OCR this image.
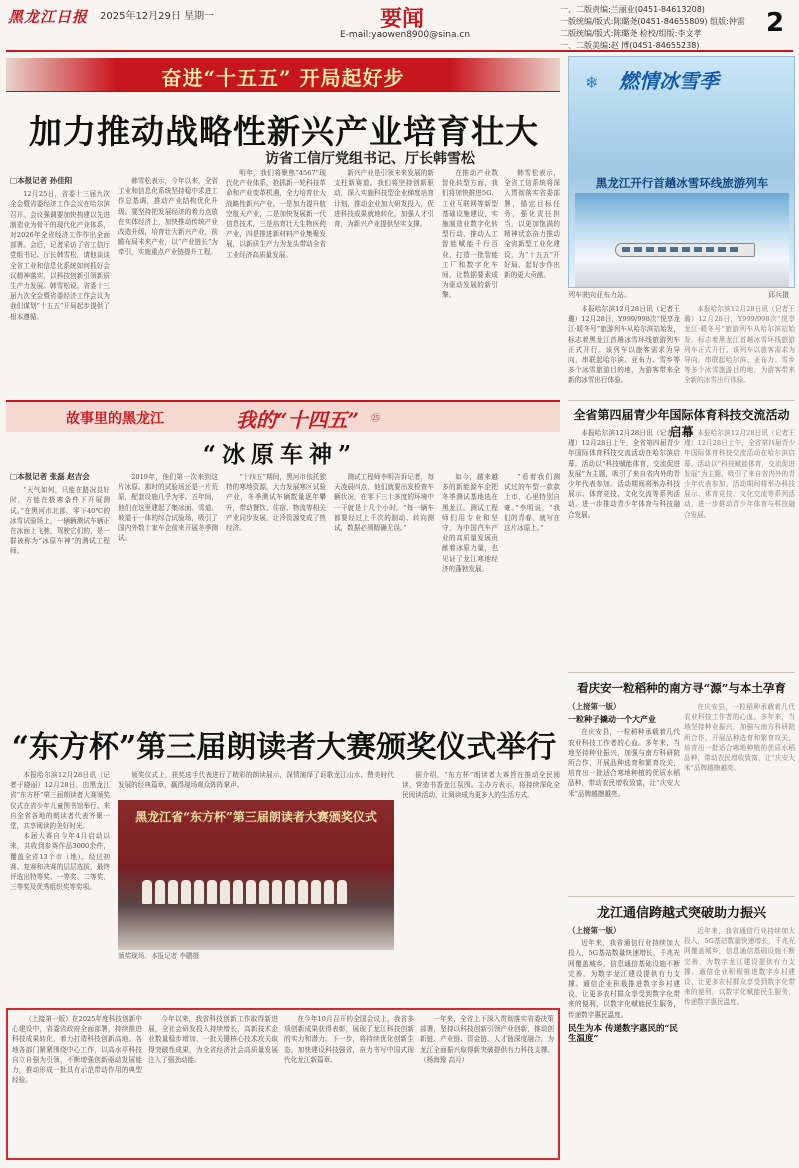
黑龙江日报 2025年12月29日 星期一	要闻
E-mail:yaowen8900@sina.cn
一、二版责编:兰丽业(0451-84613208)
一版统编/版式:陈璐尧(0451-84655809) 组版:钟雷
二版统编/版式:陈璐尧 检校/组版:李文孝
一、二版美编:赵 博(0451-84655238)
2
奋进“十五五” 开局起好步
加力推动战略性新兴产业培育壮大
访省工信厅党组书记、厅长韩雪松
□本报记者 孙佳阳
12月25日，省委十三届九次全会暨省委经济工作会议在哈尔滨召开。会议强调要加快构建以先进制造业为骨干的现代化产业体系，对2026年全省经济工作作出全面部署。会后，记者采访了省工信厅党组书记、厅长韩雪松，请他谈谈全省工业和信息化系统如何抓好会议精神落实，以科技创新引领新质生产力发展。韩雪松说，省委十三届九次全会暨省委经济工作会议为我们谋划“十五五”开局起步提供了根本遵循。
韩雪松表示，今年以来，全省工业和信息化系统坚持稳中求进工作总基调，推动产业结构优化升级。要坚持把发展经济的着力点放在实体经济上，加快推动传统产业改造升级，培育壮大新兴产业，前瞻布局未来产业，以“产业链长”为牵引，实施重点产业链提升工程。
明年，我们将聚焦“4567”现代化产业体系，抢抓新一轮科技革命和产业变革机遇，全力培育壮大战略性新兴产业。一是加力提升航空航天产业，二是加快发展新一代信息技术，三是培育壮大生物医药产业，四是推进新材料产业集聚发展，以新质生产力为龙头带动全省工业经济高质量发展。
新兴产业是引领未来发展的新支柱新赛道。我们将坚持创新驱动，深入实施科技型企业梯度培育计划，推动企业加大研发投入，促进科技成果就地转化，加强人才引育，为新兴产业提供坚实支撑。
在推动产业数智化转型方面，我们将加快推进5G、工业互联网等新型基础设施建设，实施制造业数字化转型行动，推动人工智能赋能千行百业，打造一批智能工厂和数字化车间，让数据要素成为驱动发展的新引擎。
韩雪松表示，全省工信系统将深入贯彻落实省委部署，锚定目标任务，强化责任担当，以更加饱满的精神状态奋力推动全省新型工业化建设，为“十五五”开好局、起好步作出新的更大贡献。
故事里的黑龙江	我的“十四五” ㉕
“冰原车神”
□本报记者 张磊 赵吉会
“天气如何，只能在路况良好时，方能在极寒条件下开展测试。”在黑河市北部，零下40℃的冰雪试验场上，一辆辆测试车辆正在冰面上飞驰，驾驶它们的，是一群被称为“冰原车神”的测试工程师。
2019年，他们第一次来到这片冰原。那时的试验场还是一片荒原，配套设施几乎为零。五年间，他们在这里建起了集冰面、雪道、坡道于一体的综合试验场，吸引了国内外数十家车企前来开展冬季测试。
“十四五”期间，黑河市依托独特的寒地资源，大力发展寒区试验产业，冬季测试车辆数量逐年攀升，带动餐饮、住宿、物流等相关产业同步发展，让冷资源变成了热经济。
测试工程师李明告诉记者，每天凌晨四点，他们就要出发检查车辆状况，在零下三十多度的环境中一干就是十几个小时。“每一辆车都要经过上千次的制动、转向测试，数据必须精确无误。”
如今，越来越多的新能源车企把冬季测试基地选在黑龙江。测试工程师们用专业和坚守，为中国汽车产业的高质量发展贡献着冰原力量，也见证了龙江寒地经济的蓬勃发展。
“看着我们测试过的车型一款款上市，心里特别自豪。”李明说，“我们的青春，就写在这片冰原上。”
“东方杯”第三届朗读者大赛颁奖仪式举行
本报哈尔滨12月28日讯（记者于晓丽）12月28日，由黑龙江省“东方杯”第三届朗读者大赛颁奖仪式在省少年儿童图书馆举行。来自全省各地的朗读者代表齐聚一堂，共享阅读的美好时光。
本届大赛自今年4月启动以来，共收到参赛作品3000余件，覆盖全省13个市（地）。经过初赛、复赛和决赛的层层选拔，最终评选出特等奖、一等奖、二等奖、三等奖及优秀组织奖等奖项。
颁奖仪式上，获奖选手代表进行了精彩的朗读展示，深情演绎了讴歌龙江山水、赞美时代发展的经典篇章，赢得现场观众阵阵掌声。
黑龙江省“东方杯”第三届朗读者大赛颁奖仪式
颁奖现场。本报记者 李鹏摄
据介绍，“东方杯”朗读者大赛旨在推动全民阅读，营造书香龙江氛围。主办方表示，将持续深化全民阅读活动，让阅读成为更多人的生活方式。
（上接第一版）在2025年度科技创新中心建设中，省委省政府全面部署，持续推进科技成果转化，着力打造科技创新高地。各地各部门紧紧围绕中心工作，以高水平科技自立自强为引领，不断增强创新驱动发展能力，推动形成一批具有示范带动作用的典型经验。
今年以来，我省科技创新工作取得新进展，全社会研发投入持续增长，高新技术企业数量稳步增加，一批关键核心技术攻关取得突破性成果，为全省经济社会高质量发展注入了强劲动能。
在今年10月召开的全国会议上，我省多项创新成果获得表彰，展现了龙江科技创新的实力和潜力。下一步，将持续优化创新生态，加快建设科技强省，奋力书写中国式现代化龙江新篇章。
一年来，全省上下深入贯彻落实省委决策部署，坚持以科技创新引领产业创新，推动创新链、产业链、资金链、人才链深度融合，为龙江全面振兴取得新突破提供有力科技支撑。（杨海豫 高月）
❄ 燃情冰雪季
黑龙江开行首趟冰雪环线旅游列车
列车驶向亚布力站。	邱兵摄
本报哈尔滨12月28日讯（记者王璐）12月28日，Y999/998次“悦享龙江·暖冬号”旅游列车从哈尔滨站始发，标志着黑龙江首趟冰雪环线旅游列车正式开行。该列车以旅客需求为导向，串联起哈尔滨、亚布力、雪乡等多个冰雪旅游目的地，为游客带来全新的冰雪出行体验。
本报哈尔滨12月28日讯（记者王璐）12月28日，Y999/998次“悦享龙江·暖冬号”旅游列车从哈尔滨站始发，标志着黑龙江首趟冰雪环线旅游列车正式开行。该列车以旅客需求为导向，串联起哈尔滨、亚布力、雪乡等多个冰雪旅游目的地，为游客带来全新的冰雪出行体验。
全省第四届青少年国际体育科技交流活动启幕
本报哈尔滨12月28日讯（记者王瑾）12月28日上午，全省第四届青少年国际体育科技交流活动在哈尔滨启幕。活动以“科技赋能体育，交流促进发展”为主题，吸引了来自省内外的青少年代表参加。活动期间将举办科技展示、体育竞技、文化交流等系列活动，进一步推动青少年体育与科技融合发展。
本报哈尔滨12月28日讯（记者王瑾）12月28日上午，全省第四届青少年国际体育科技交流活动在哈尔滨启幕。活动以“科技赋能体育，交流促进发展”为主题，吸引了来自省内外的青少年代表参加。活动期间将举办科技展示、体育竞技、文化交流等系列活动，进一步推动青少年体育与科技融合发展。
看庆安一粒稻种的南方寻“源”与本土孕育
（上接第一版）
一粒种子撬动一个大产业
在庆安县，一粒稻种承载着几代农业科技工作者的心血。多年来，当地坚持种业振兴，加强与南方科研院所合作，开展品种选育和繁育攻关，培育出一批适合寒地种植的优质水稻品种，带动农民增收致富，让“庆安大米”品牌越擦越亮。
在庆安县，一粒稻种承载着几代农业科技工作者的心血。多年来，当地坚持种业振兴，加强与南方科研院所合作，开展品种选育和繁育攻关，培育出一批适合寒地种植的优质水稻品种，带动农民增收致富，让“庆安大米”品牌越擦越亮。
龙江通信跨越式突破助力振兴
（上接第一版）
近年来，我省通信行业持续加大投入，5G基站数量快速增长，千兆光网覆盖城乡，信息通信基础设施不断完善，为数字龙江建设提供有力支撑。通信企业积极推进数字乡村建设，让更多农村群众享受到数字化带来的便利，以数字化赋能民生服务，传递数字惠民温度。
民生为本 传递数字惠民的“民生温度”
近年来，我省通信行业持续加大投入，5G基站数量快速增长，千兆光网覆盖城乡，信息通信基础设施不断完善，为数字龙江建设提供有力支撑。通信企业积极推进数字乡村建设，让更多农村群众享受到数字化带来的便利，以数字化赋能民生服务，传递数字惠民温度。
